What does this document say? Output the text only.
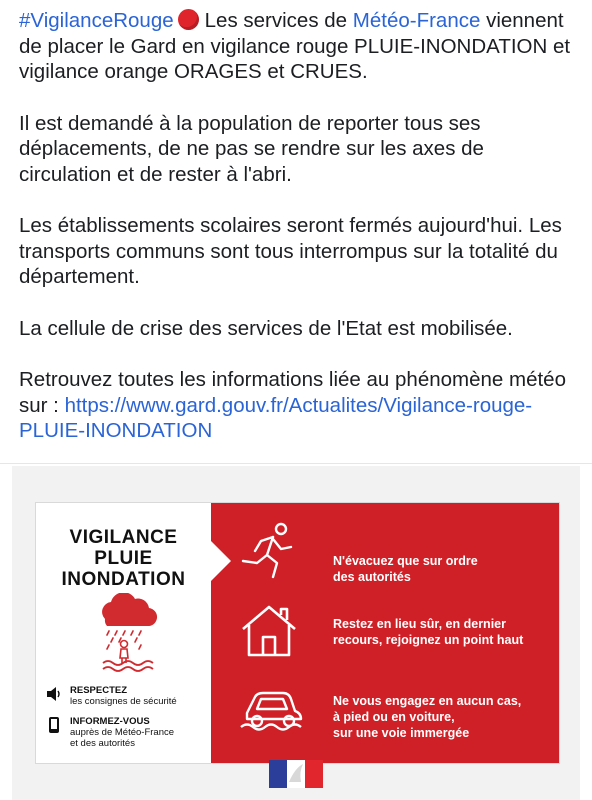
#VigilanceRouge Les services de Météo-France viennent de placer le Gard en vigilance rouge PLUIE-INONDATION et vigilance orange ORAGES et CRUES.

Il est demandé à la population de reporter tous ses déplacements, de ne pas se rendre sur les axes de circulation et de rester à l'abri.

Les établissements scolaires seront fermés aujourd'hui. Les transports communs sont tous interrompus sur la totalité du département.

La cellule de crise des services de l'Etat est mobilisée.

Retrouvez toutes les informations liée au phénomène météo sur : https://www.gard.gouv.fr/Actualites/Vigilance-rouge-PLUIE-INONDATION

VIGILANCE
PLUIE
INONDATION
RESPECTEZ
les consignes de sécurité
INFORMEZ-VOUS
auprès de Météo-France
et des autorités
N'évacuez que sur ordre
des autorités
Restez en lieu sûr, en dernier
recours, rejoignez un point haut
Ne vous engagez en aucun cas,
à pied ou en voiture,
sur une voie immergée
